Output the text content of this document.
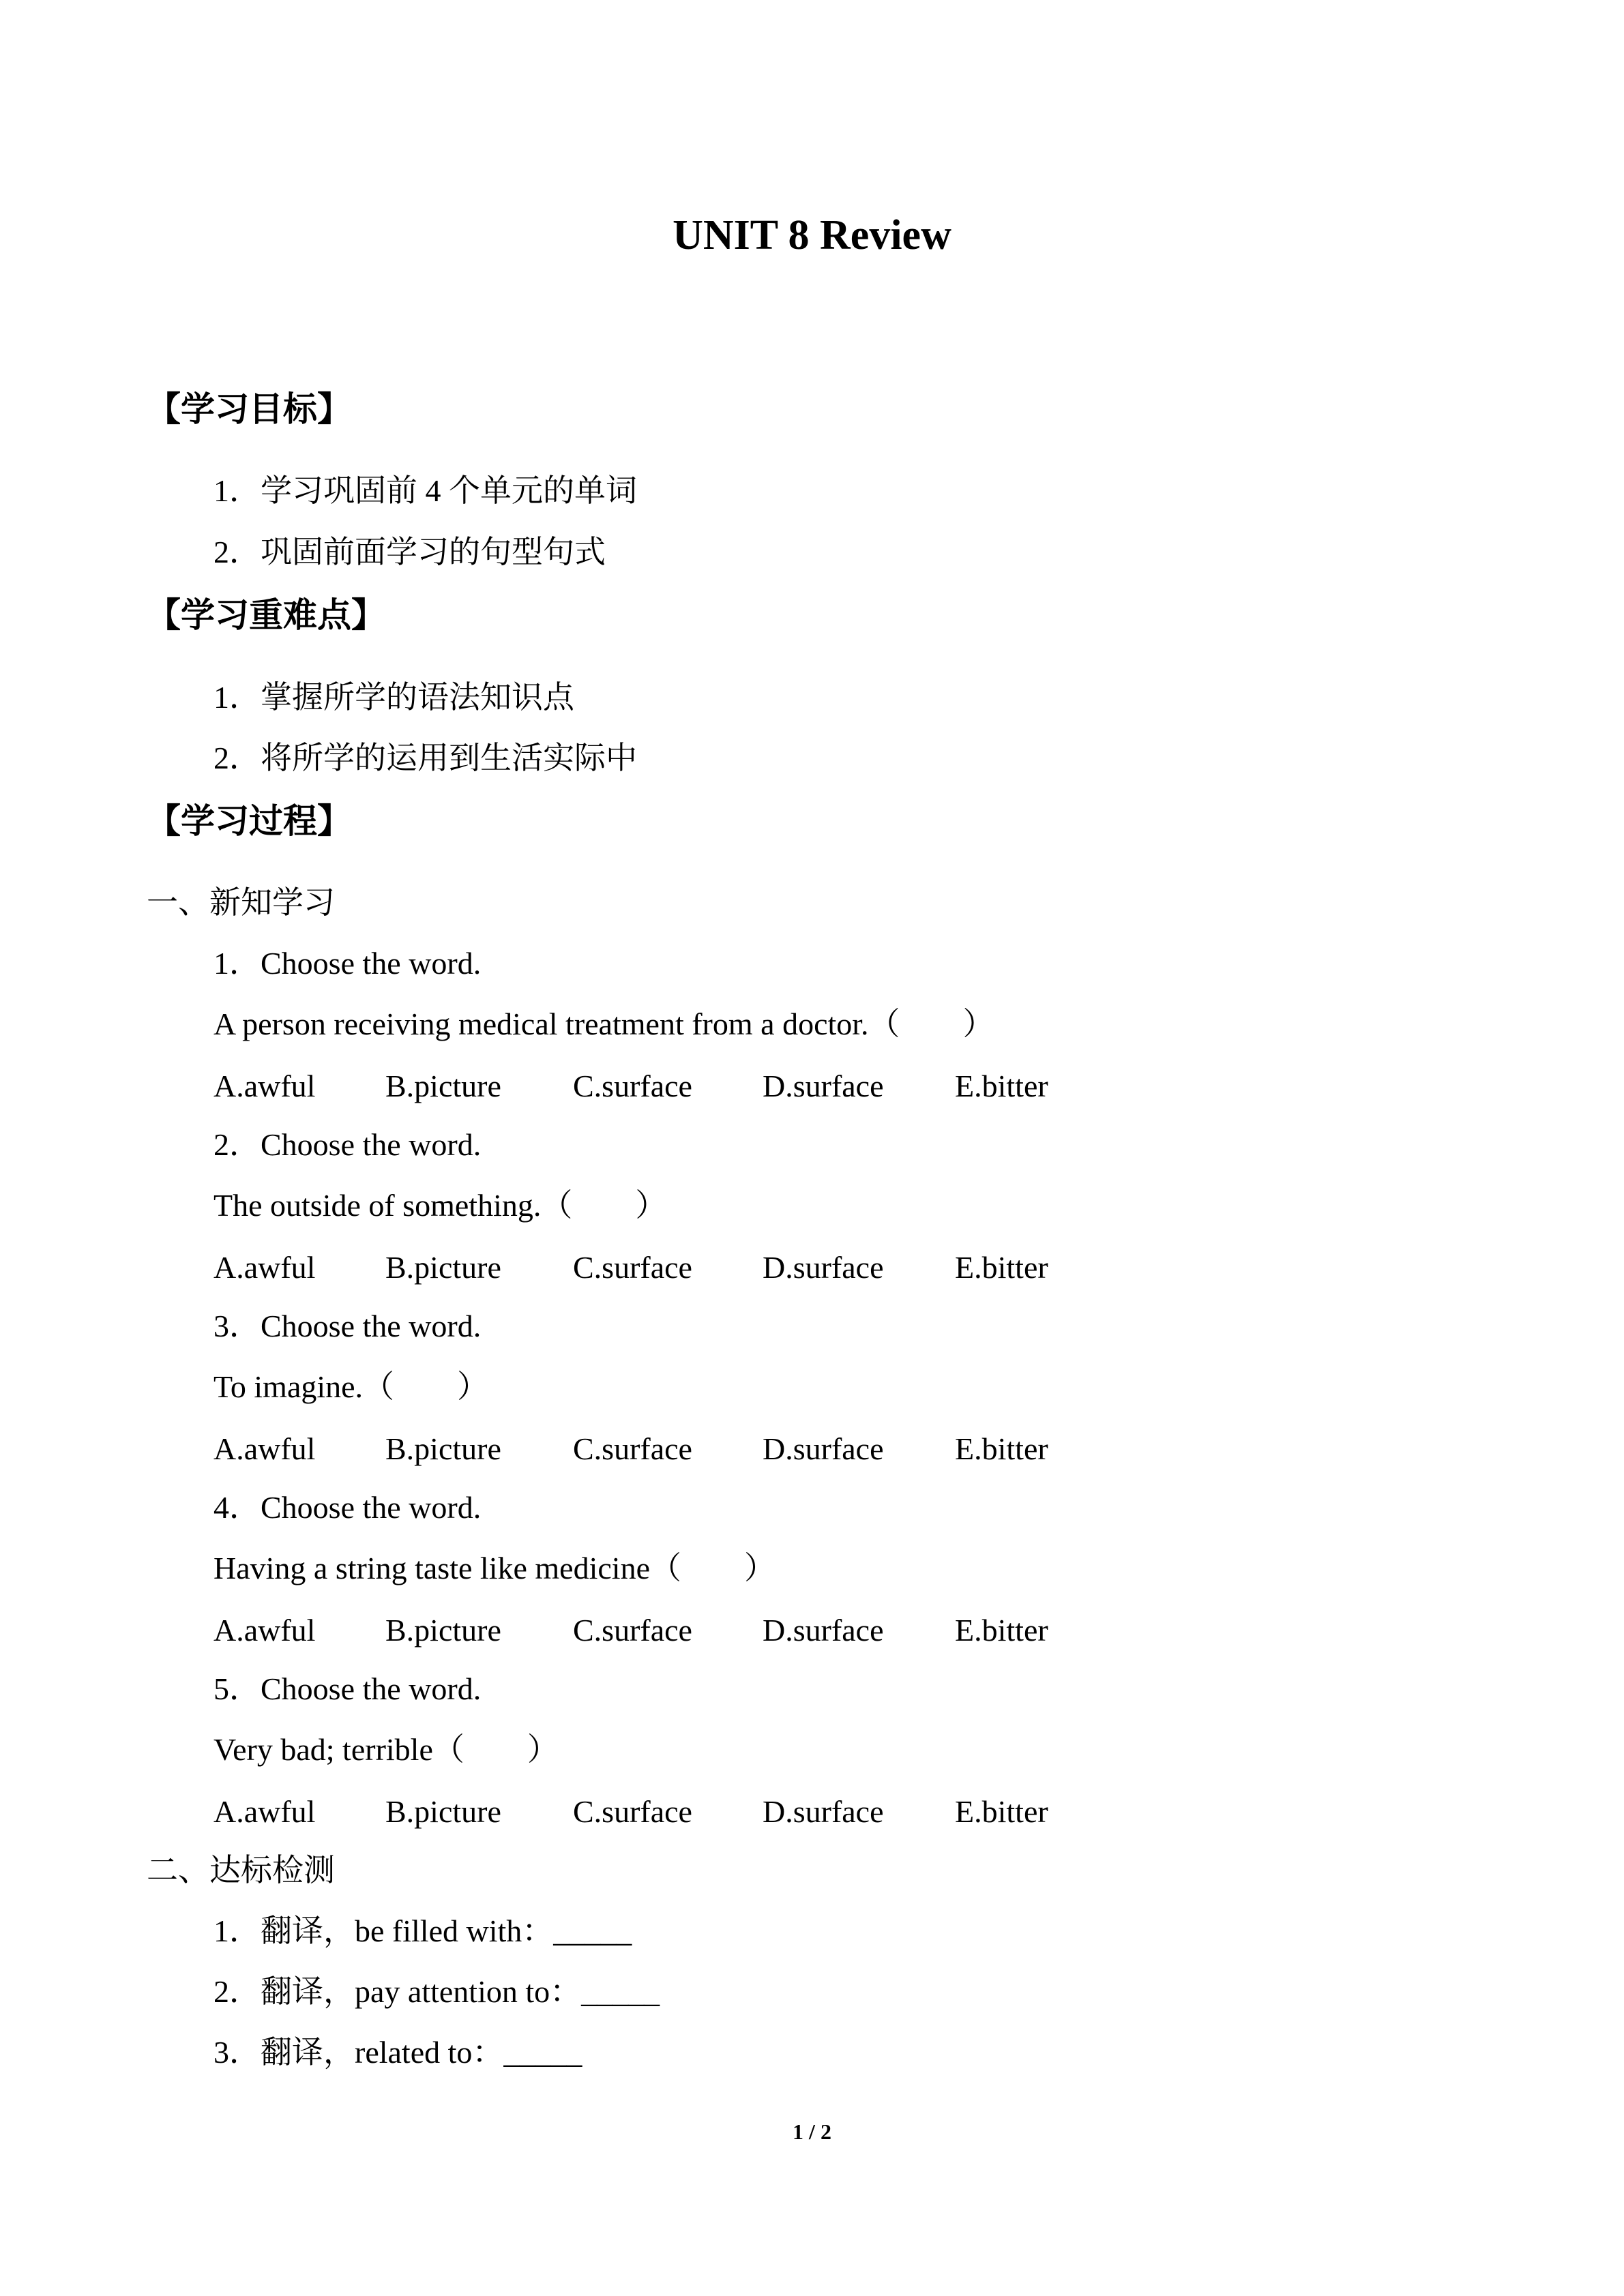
UNIT 8 Review
【学习目标】
1．学习巩固前 4 个单元的单词
2．巩固前面学习的句型句式
【学习重难点】
1．掌握所学的语法知识点
2．将所学的运用到生活实际中
【学习过程】
一、新知学习
1．Choose the word.
A person receiving medical treatment from a doctor.（　　）

A.awful

B.picture

C.surface

D.surface

E.bitter

2．Choose the word.
The outside of something.（　　）

A.awful

B.picture

C.surface

D.surface

E.bitter

3．Choose the word.
To imagine.（　　）

A.awful

B.picture

C.surface

D.surface

E.bitter

4．Choose the word.
Having a string taste like medicine（　　）

A.awful

B.picture

C.surface

D.surface

E.bitter

5．Choose the word.
Very bad; terrible（　　）

A.awful

B.picture

C.surface

D.surface

E.bitter

二、达标检测
1．翻译，be filled with：_____
2．翻译，pay attention to：_____
3．翻译，related to：_____
1 / 2
